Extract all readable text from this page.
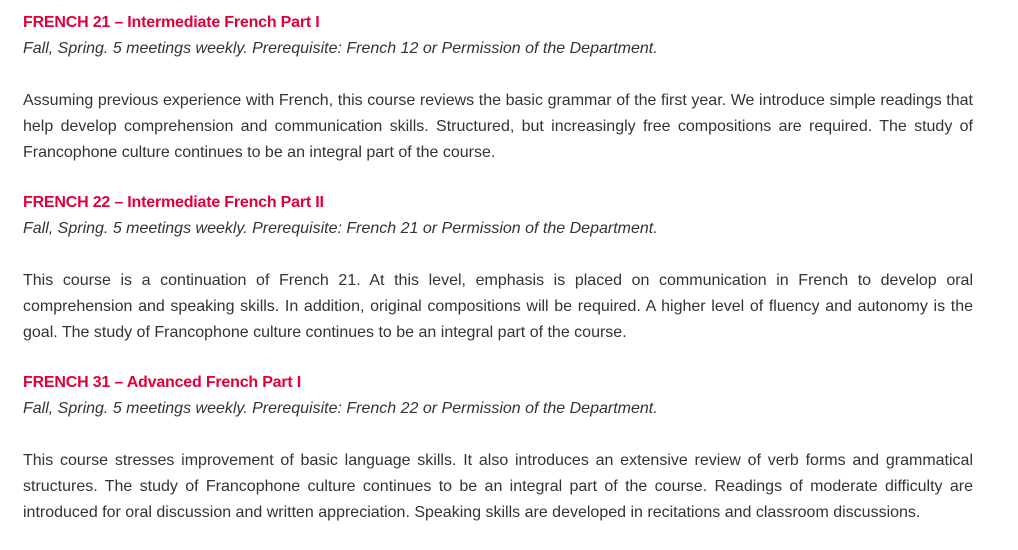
FRENCH 21 – Intermediate French Part I

Fall, Spring. 5 meetings weekly. Prerequisite: French 12 or Permission of the Department.

Assuming previous experience with French, this course reviews the basic grammar of the first year. We introduce simple readings that help develop comprehension and communication skills. Structured, but increasingly free compositions are required. The study of Francophone culture continues to be an integral part of the course.

FRENCH 22 – Intermediate French Part II

Fall, Spring. 5 meetings weekly. Prerequisite: French 21 or Permission of the Department.

This course is a continuation of French 21. At this level, emphasis is placed on communication in French to develop oral comprehension and speaking skills. In addition, original compositions will be required. A higher level of fluency and autonomy is the goal. The study of Francophone culture continues to be an integral part of the course.

FRENCH 31 – Advanced French Part I

Fall, Spring. 5 meetings weekly. Prerequisite: French 22 or Permission of the Department.

This course stresses improvement of basic language skills. It also introduces an extensive review of verb forms and grammatical structures. The study of Francophone culture continues to be an integral part of the course. Readings of moderate difficulty are introduced for oral discussion and written appreciation. Speaking skills are developed in recitations and classroom discussions.
